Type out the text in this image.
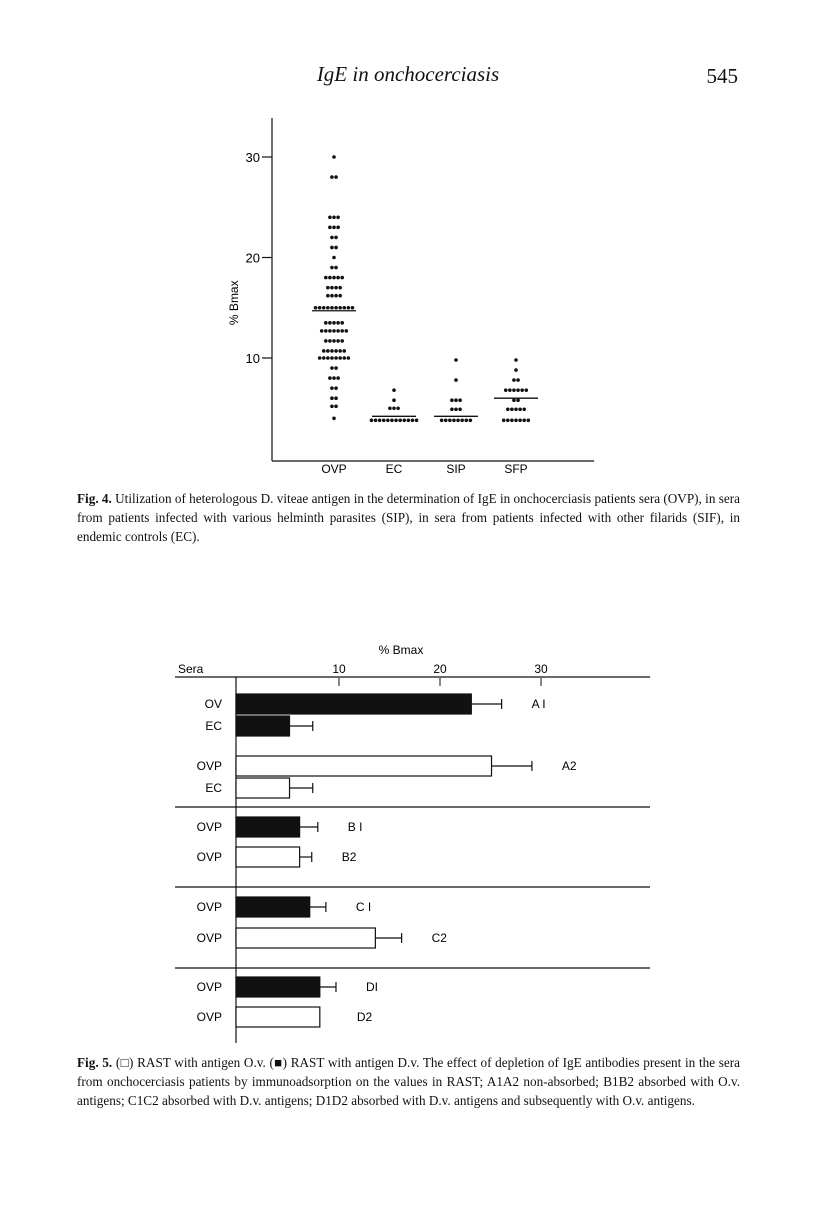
IgE in onchocerciasis	545
10
20
30
% Bmax
OVP	EC	SIP	SFP
Fig. 4. Utilization of heterologous D. viteae antigen in the determination of IgE in onchocerciasis patients sera (OVP), in sera from patients infected with various helminth parasites (SIP), in sera from patients infected with other filarids (SIF), in endemic controls (EC).
% Bmax
Sera	10	20	30
OV	A I
EC
OVP	A2
EC
OVP	B I
OVP	B2
OVP	C I
OVP	C2
OVP	DI
OVP	D2
Fig. 5. (□) RAST with antigen O.v. (■) RAST with antigen D.v. The effect of depletion of IgE antibodies present in the sera from onchocerciasis patients by immunoadsorption on the values in RAST; A1A2 non-absorbed; B1B2 absorbed with O.v. antigens; C1C2 absorbed with D.v. antigens; D1D2 absorbed with D.v. antigens and subsequently with O.v. antigens.
